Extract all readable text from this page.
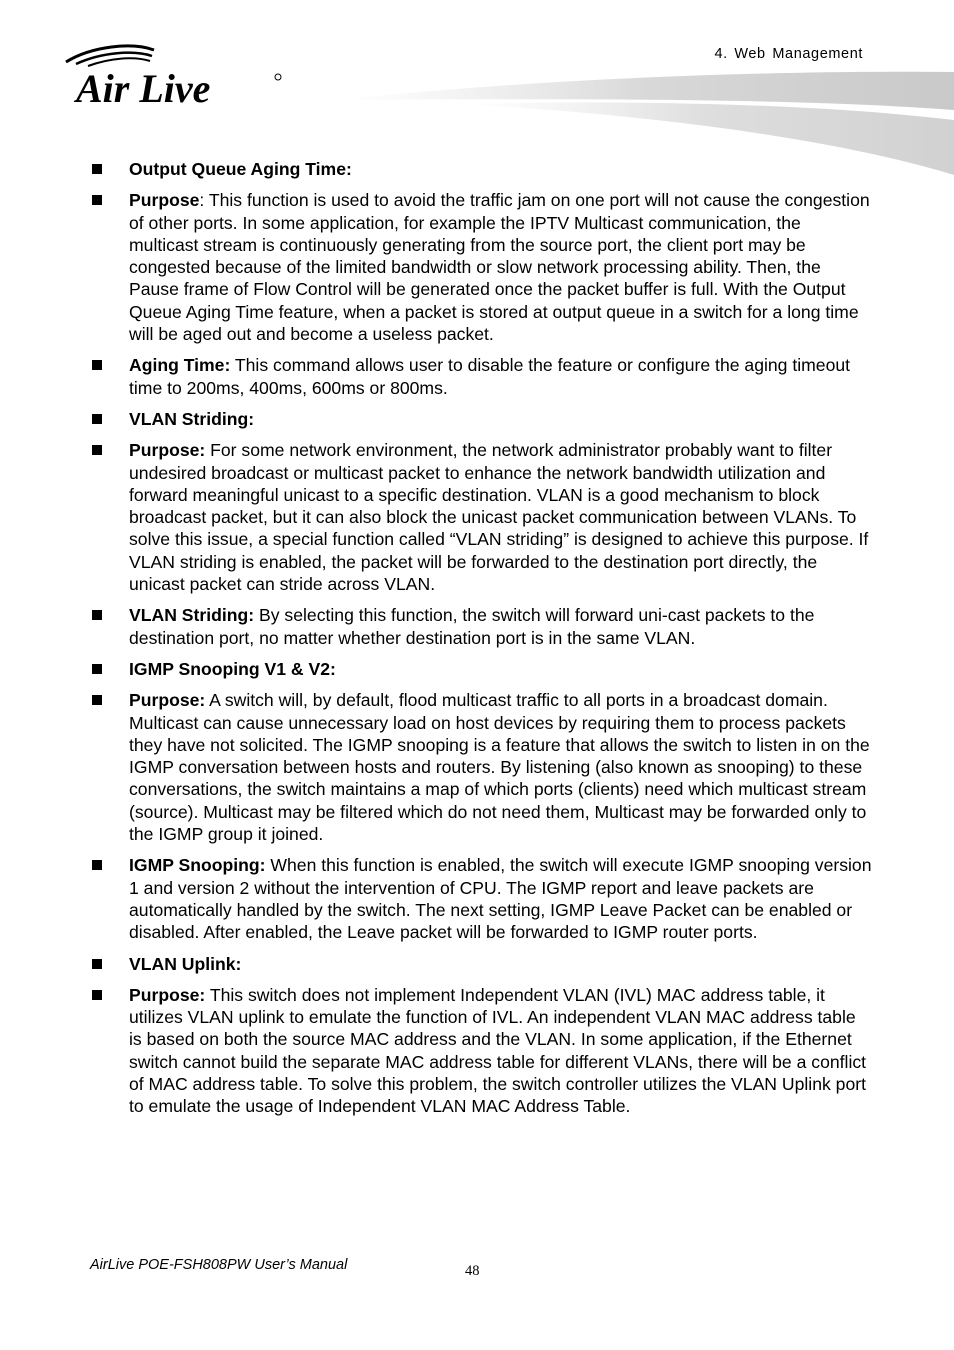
Air Live
4. Web Management
Output Queue Aging Time:
Purpose: This function is used to avoid the traffic jam on one port will not cause the congestion of other ports. In some application, for example the IPTV Multicast communication, the multicast stream is continuously generating from the source port, the client port may be congested because of the limited bandwidth or slow network processing ability. Then, the Pause frame of Flow Control will be generated once the packet buffer is full. With the Output Queue Aging Time feature, when a packet is stored at output queue in a switch for a long time will be aged out and become a useless packet.
Aging Time: This command allows user to disable the feature or configure the aging timeout time to 200ms, 400ms, 600ms or 800ms.
VLAN Striding:
Purpose: For some network environment, the network administrator probably want to filter undesired broadcast or multicast packet to enhance the network bandwidth utilization and forward meaningful unicast to a specific destination. VLAN is a good mechanism to block broadcast packet, but it can also block the unicast packet communication between VLANs. To solve this issue, a special function called “VLAN striding” is designed to achieve this purpose. If VLAN striding is enabled, the packet will be forwarded to the destination port directly, the unicast packet can stride across VLAN.
VLAN Striding: By selecting this function, the switch will forward uni-cast packets to the destination port, no matter whether destination port is in the same VLAN.
IGMP Snooping V1 & V2:
Purpose: A switch will, by default, flood multicast traffic to all ports in a broadcast domain. Multicast can cause unnecessary load on host devices by requiring them to process packets they have not solicited. The IGMP snooping is a feature that allows the switch to listen in on the IGMP conversation between hosts and routers. By listening (also known as snooping) to these conversations, the switch maintains a map of which ports (clients) need which multicast stream (source). Multicast may be filtered which do not need them, Multicast may be forwarded only to the IGMP group it joined.
IGMP Snooping: When this function is enabled, the switch will execute IGMP snooping version 1 and version 2 without the intervention of CPU. The IGMP report and leave packets are automatically handled by the switch. The next setting, IGMP Leave Packet can be enabled or disabled. After enabled, the Leave packet will be forwarded to IGMP router ports.
VLAN Uplink:
Purpose: This switch does not implement Independent VLAN (IVL) MAC address table, it utilizes VLAN uplink to emulate the function of IVL. An independent VLAN MAC address table is based on both the source MAC address and the VLAN. In some application, if the Ethernet switch cannot build the separate MAC address table for different VLANs, there will be a conflict of MAC address table. To solve this problem, the switch controller utilizes the VLAN Uplink port to emulate the usage of Independent VLAN MAC Address Table.
AirLive POE-FSH808PW User’s Manual	48
